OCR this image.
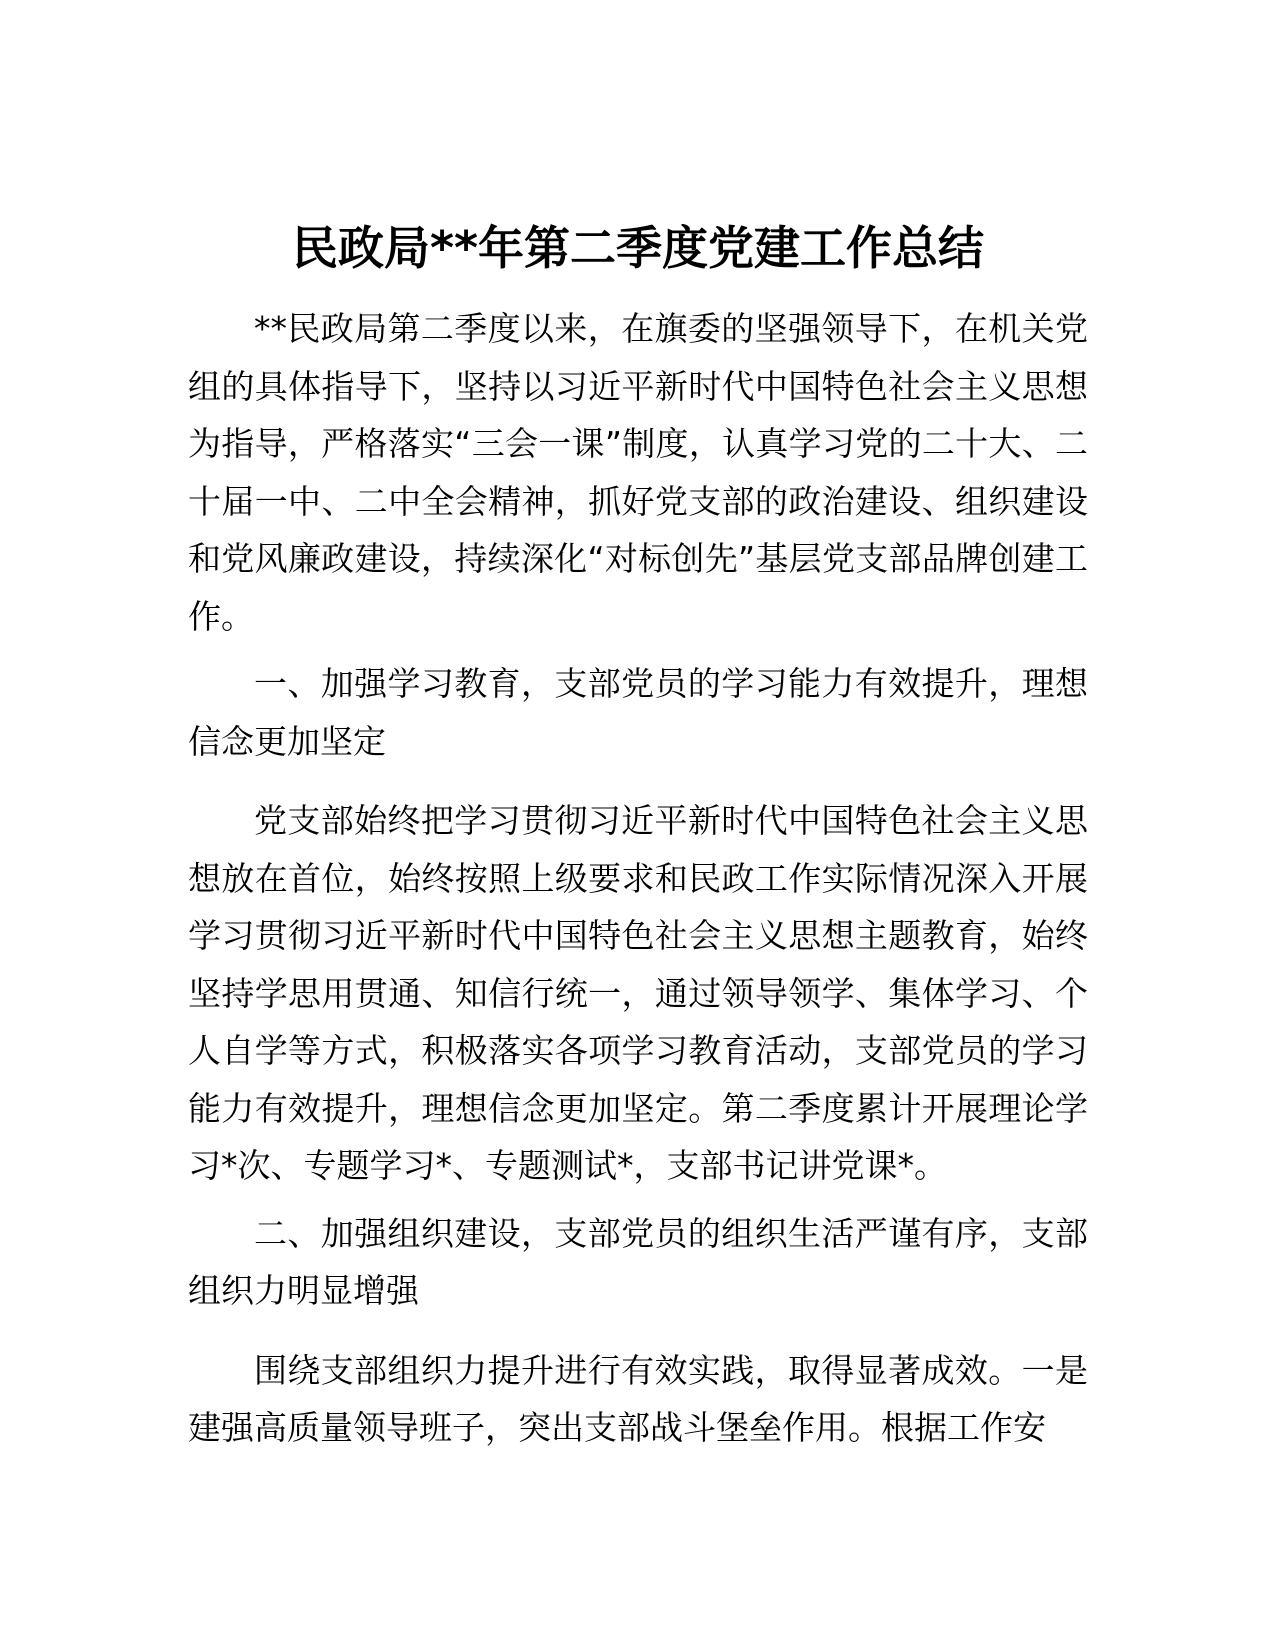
民政局**年第二季度党建工作总结

**民政局第二季度以来，在旗委的坚强领导下，在机关党组的具体指导下，坚持以习近平新时代中国特色社会主义思想为指导，严格落实“三会一课”制度，认真学习党的二十大、二十届一中、二中全会精神，抓好党支部的政治建设、组织建设和党风廉政建设，持续深化“对标创先”基层党支部品牌创建工作。

一、加强学习教育，支部党员的学习能力有效提升，理想信念更加坚定

党支部始终把学习贯彻习近平新时代中国特色社会主义思想放在首位，始终按照上级要求和民政工作实际情况深入开展学习贯彻习近平新时代中国特色社会主义思想主题教育，始终坚持学思用贯通、知信行统一，通过领导领学、集体学习、个人自学等方式，积极落实各项学习教育活动，支部党员的学习能力有效提升，理想信念更加坚定。第二季度累计开展理论学习*次、专题学习*、专题测试*，支部书记讲党课*。

二、加强组织建设，支部党员的组织生活严谨有序，支部组织力明显增强

围绕支部组织力提升进行有效实践，取得显著成效。一是建强高质量领导班子，突出支部战斗堡垒作用。根据工作安
